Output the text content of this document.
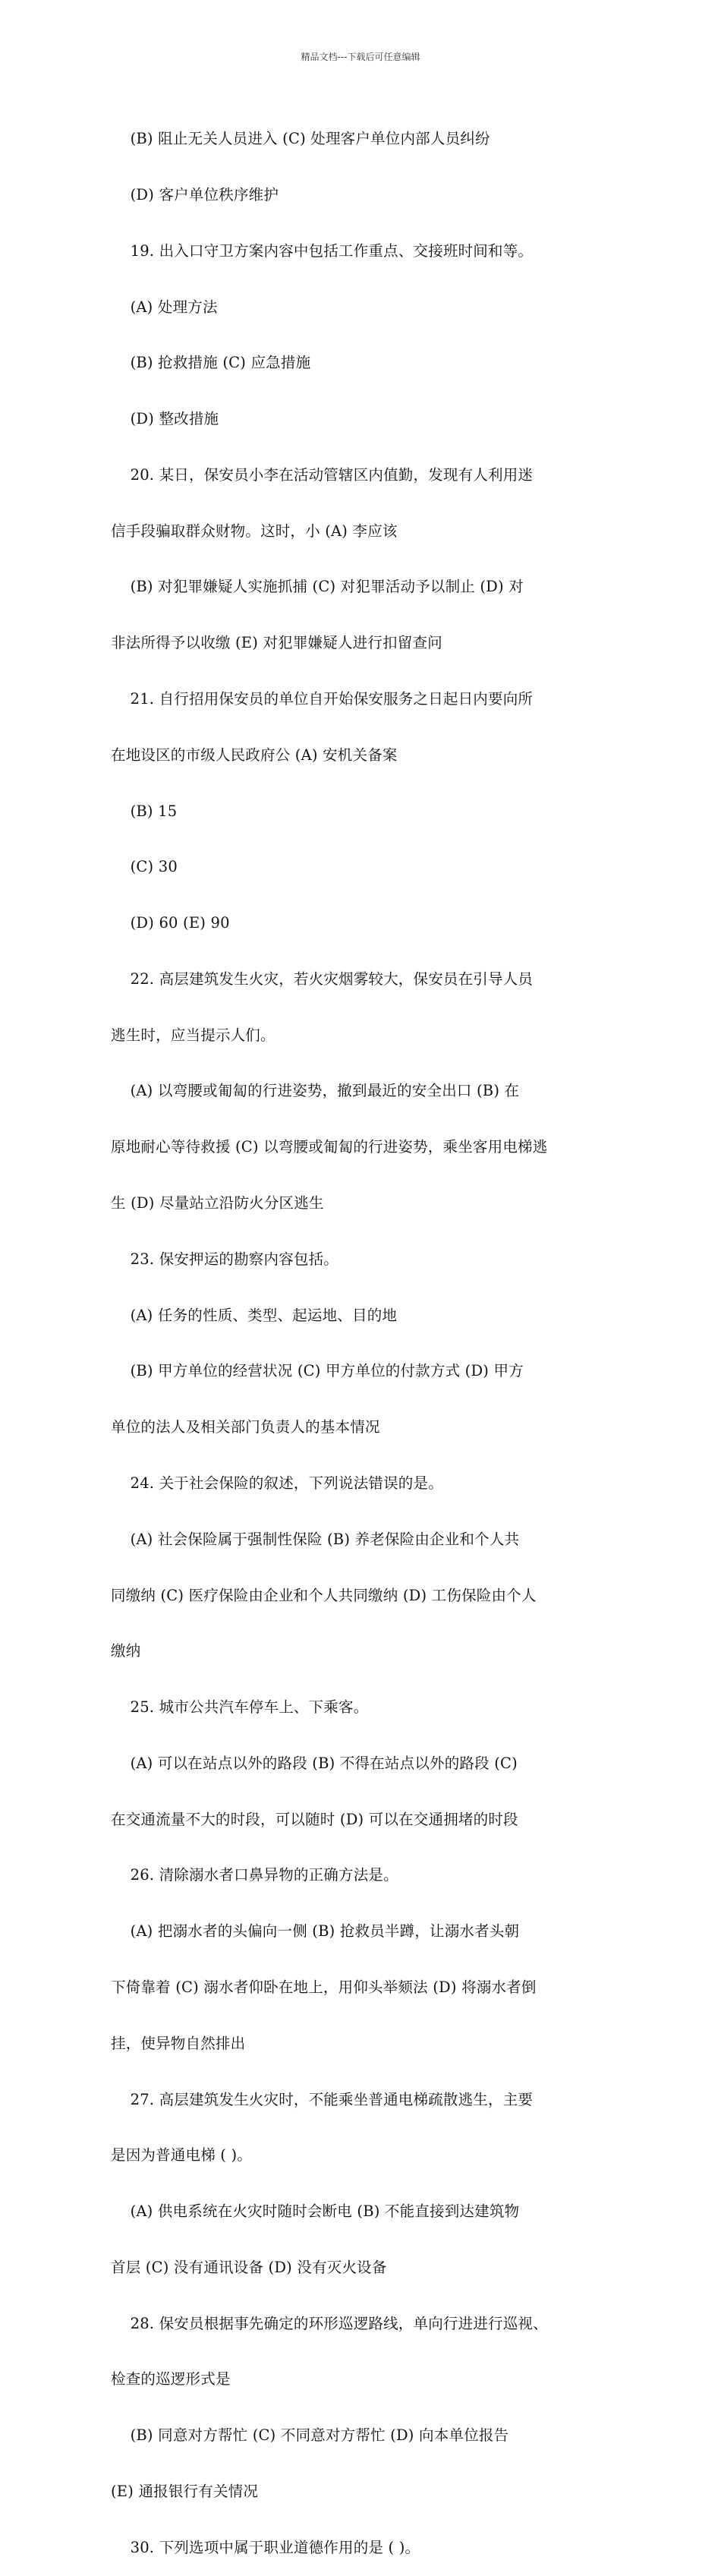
精品文档---下载后可任意编辑

(B) 阻止无关人员进入 (C) 处理客户单位内部人员纠纷

(D) 客户单位秩序维护

19. 出入口守卫方案内容中包括工作重点、交接班时间和等。

(A) 处理方法

(B) 抢救措施 (C) 应急措施

(D) 整改措施

20. 某日，保安员小李在活动管辖区内值勤，发现有人利用迷

信手段骗取群众财物。这时，小 (A) 李应该

(B) 对犯罪嫌疑人实施抓捕 (C) 对犯罪活动予以制止 (D) 对

非法所得予以收缴 (E) 对犯罪嫌疑人进行扣留查问

21. 自行招用保安员的单位自开始保安服务之日起日内要向所

在地设区的市级人民政府公 (A) 安机关备案

(B) 15

(C) 30

(D) 60 (E) 90

22. 高层建筑发生火灾，若火灾烟雾较大，保安员在引导人员

逃生时，应当提示人们。

(A) 以弯腰或匍匐的行进姿势，撤到最近的安全出口 (B) 在

原地耐心等待救援 (C) 以弯腰或匍匐的行进姿势，乘坐客用电梯逃

生 (D) 尽量站立沿防火分区逃生

23. 保安押运的勘察内容包括。

(A) 任务的性质、类型、起运地、目的地

(B) 甲方单位的经营状况 (C) 甲方单位的付款方式 (D) 甲方

单位的法人及相关部门负责人的基本情况

24. 关于社会保险的叙述，下列说法错误的是。

(A) 社会保险属于强制性保险 (B) 养老保险由企业和个人共

同缴纳 (C) 医疗保险由企业和个人共同缴纳 (D) 工伤保险由个人

缴纳

25. 城市公共汽车停车上、下乘客。

(A) 可以在站点以外的路段 (B) 不得在站点以外的路段 (C)

在交通流量不大的时段，可以随时 (D) 可以在交通拥堵的时段

26. 清除溺水者口鼻异物的正确方法是。

(A) 把溺水者的头偏向一侧 (B) 抢救员半蹲，让溺水者头朝

下倚靠着 (C) 溺水者仰卧在地上，用仰头举颏法 (D) 将溺水者倒

挂，使异物自然排出

27. 高层建筑发生火灾时，不能乘坐普通电梯疏散逃生，主要

是因为普通电梯 ( )。

(A) 供电系统在火灾时随时会断电 (B) 不能直接到达建筑物

首层 (C) 没有通讯设备 (D) 没有灭火设备

28. 保安员根据事先确定的环形巡逻路线，单向行进进行巡视、

检查的巡逻形式是

(B) 同意对方帮忙 (C) 不同意对方帮忙 (D) 向本单位报告

(E) 通报银行有关情况

30. 下列选项中属于职业道德作用的是 ( )。
